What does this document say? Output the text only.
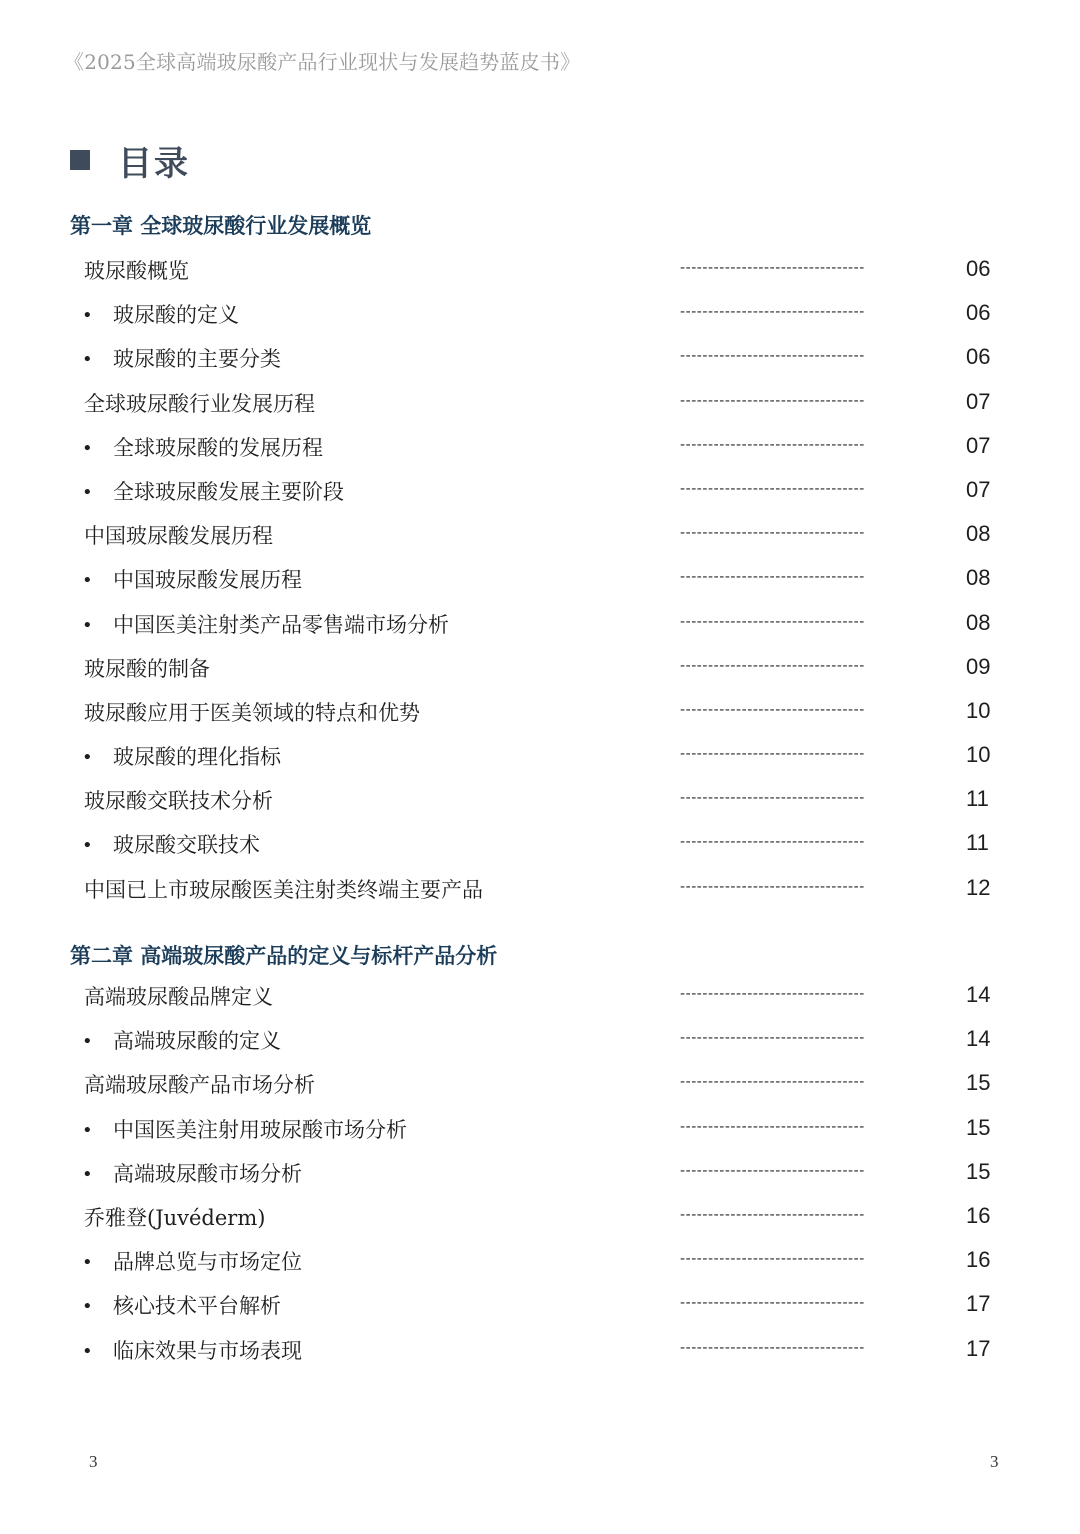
《2025全球高端玻尿酸产品行业现状与发展趋势蓝皮书》
目录
第一章 全球玻尿酸行业发展概览
玻尿酸概览	---------------------------------	06
• 玻尿酸的定义	---------------------------------	06
• 玻尿酸的主要分类	---------------------------------	06
全球玻尿酸行业发展历程	---------------------------------	07
• 全球玻尿酸的发展历程	---------------------------------	07
• 全球玻尿酸发展主要阶段	---------------------------------	07
中国玻尿酸发展历程	---------------------------------	08
• 中国玻尿酸发展历程	---------------------------------	08
• 中国医美注射类产品零售端市场分析	---------------------------------	08
玻尿酸的制备	---------------------------------	09
玻尿酸应用于医美领域的特点和优势	---------------------------------	10
• 玻尿酸的理化指标	---------------------------------	10
玻尿酸交联技术分析	---------------------------------	11
• 玻尿酸交联技术	---------------------------------	11
中国已上市玻尿酸医美注射类终端主要产品	---------------------------------	12
第二章 高端玻尿酸产品的定义与标杆产品分析
高端玻尿酸品牌定义	---------------------------------	14
• 高端玻尿酸的定义	---------------------------------	14
高端玻尿酸产品市场分析	---------------------------------	15
• 中国医美注射用玻尿酸市场分析	---------------------------------	15
• 高端玻尿酸市场分析	---------------------------------	15
乔雅登(Juvéderm)	---------------------------------	16
• 品牌总览与市场定位	---------------------------------	16
• 核心技术平台解析	---------------------------------	17
• 临床效果与市场表现	---------------------------------	17
3	3
